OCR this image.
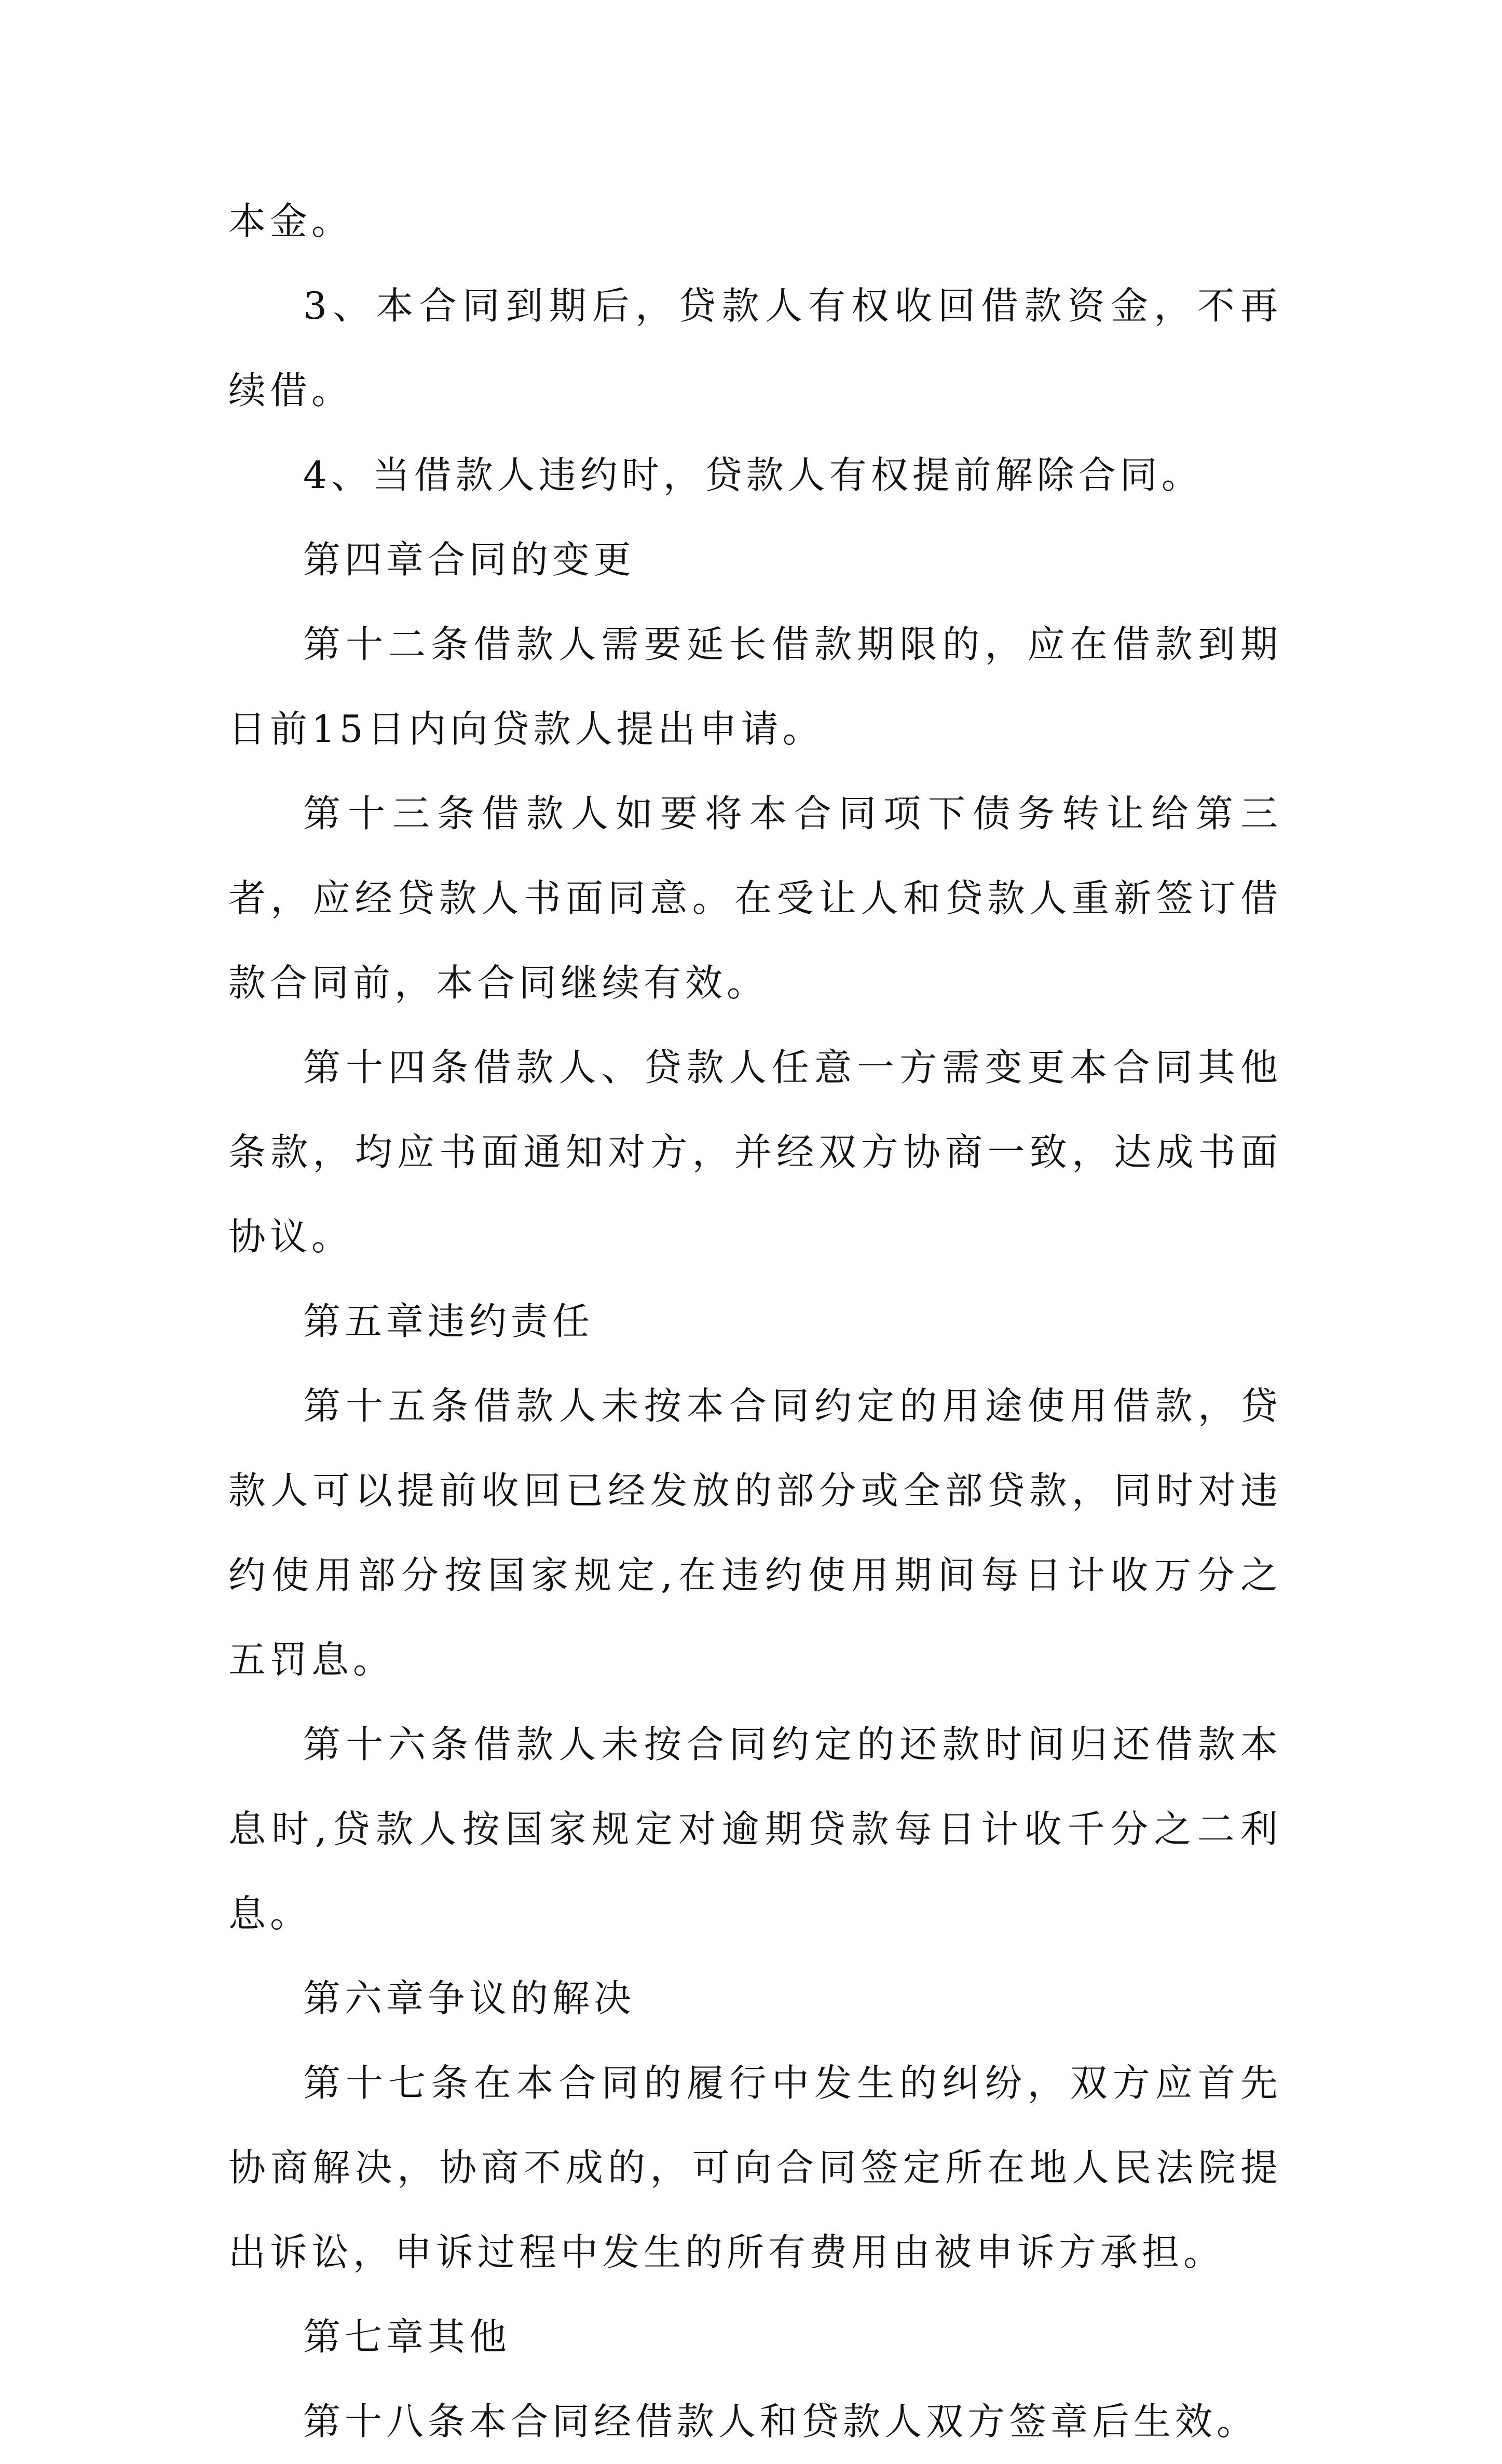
本金。

3、本合同到期后，贷款人有权收回借款资金，不再续借。

4、当借款人违约时，贷款人有权提前解除合同。

第四章合同的变更

第十二条借款人需要延长借款期限的，应在借款到期日前15日内向贷款人提出申请。

第十三条借款人如要将本合同项下债务转让给第三者，应经贷款人书面同意。在受让人和贷款人重新签订借款合同前，本合同继续有效。

第十四条借款人、贷款人任意一方需变更本合同其他条款，均应书面通知对方，并经双方协商一致，达成书面协议。

第五章违约责任

第十五条借款人未按本合同约定的用途使用借款，贷款人可以提前收回已经发放的部分或全部贷款，同时对违约使用部分按国家规定,在违约使用期间每日计收万分之五罚息。

第十六条借款人未按合同约定的还款时间归还借款本息时,贷款人按国家规定对逾期贷款每日计收千分之二利息。

第六章争议的解决

第十七条在本合同的履行中发生的纠纷，双方应首先协商解决，协商不成的，可向合同签定所在地人民法院提出诉讼，申诉过程中发生的所有费用由被申诉方承担。

第七章其他

第十八条本合同经借款人和贷款人双方签章后生效。
